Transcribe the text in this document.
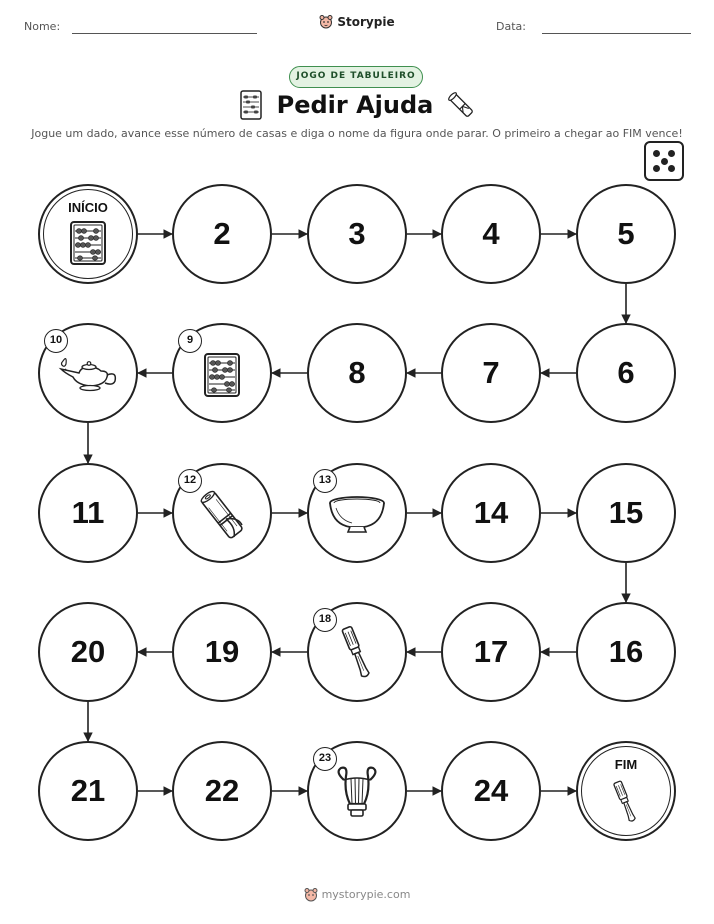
Nome:	Storypie	Data:
JOGO DE TABULEIRO
Pedir Ajuda
Jogue um dado, avance esse número de casas e diga o nome da figura onde parar. O primeiro a chegar ao FIM vence!
INÍCIO
2	3	4	5
6
7
8
9
10
11
12	13
14	15
16
17
18
19
20
21	22
23
24
FIM
mystorypie.com
